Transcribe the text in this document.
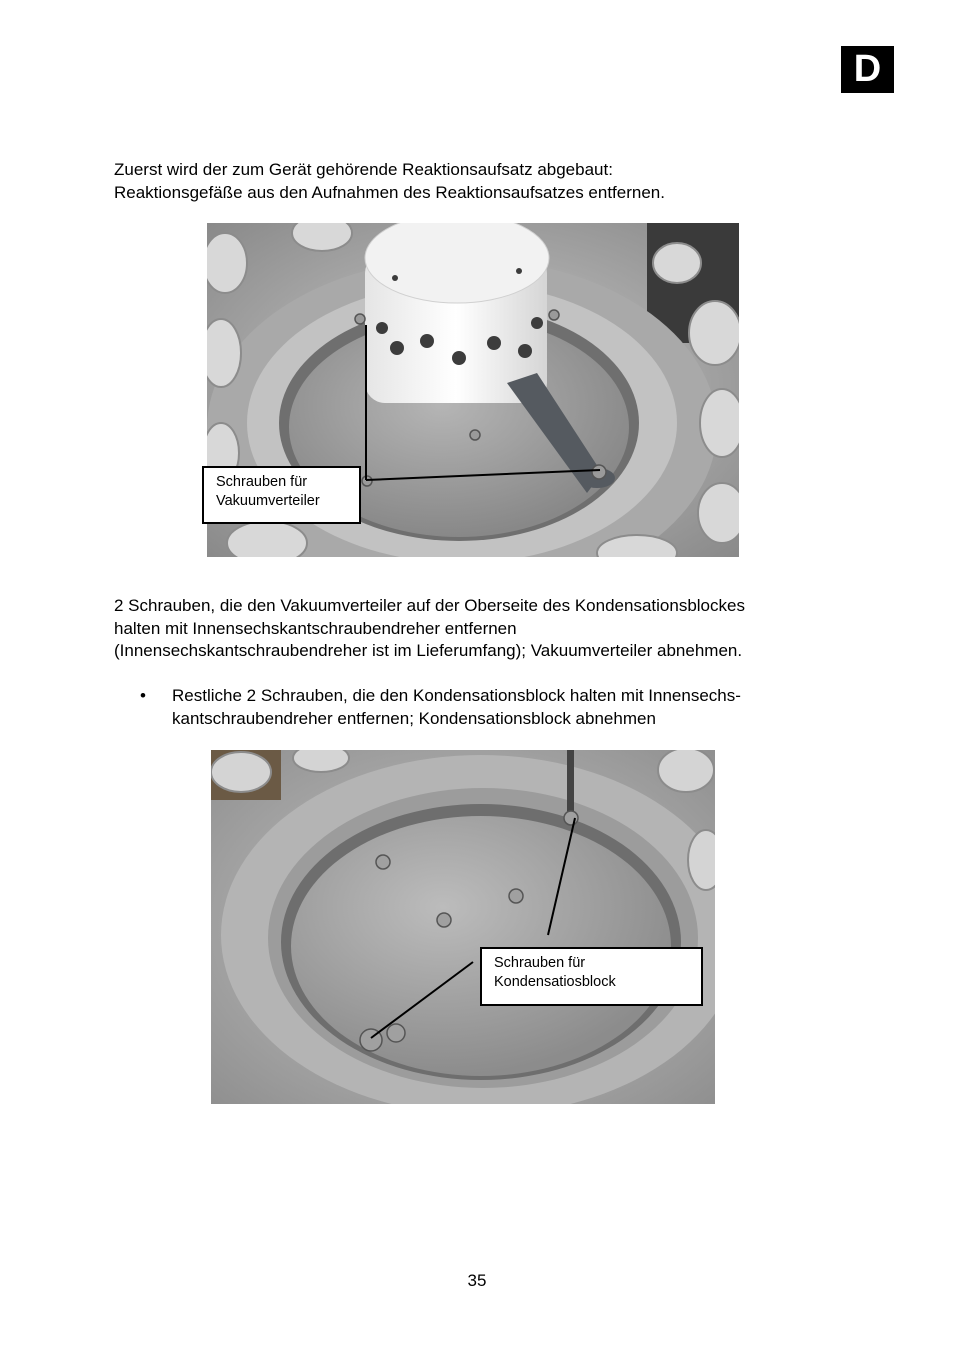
D

Zuerst wird der zum Gerät gehörende Reaktionsaufsatz abgebaut:
Reaktionsgefäße aus den Aufnahmen des Reaktionsaufsatzes entfernen.

Schrauben für
Vakuumverteiler
Schrauben für
Kondensatiosblock

2 Schrauben, die den Vakuumverteiler auf der Oberseite des Kondensationsblockes
halten mit Innensechskantschraubendreher entfernen
(Innensechskantschraubendreher ist im Lieferumfang); Vakuumverteiler abnehmen.

•	Restliche 2 Schrauben, die den Kondensationsblock halten mit Innensechs-
kantschraubendreher entfernen; Kondensationsblock abnehmen
35
